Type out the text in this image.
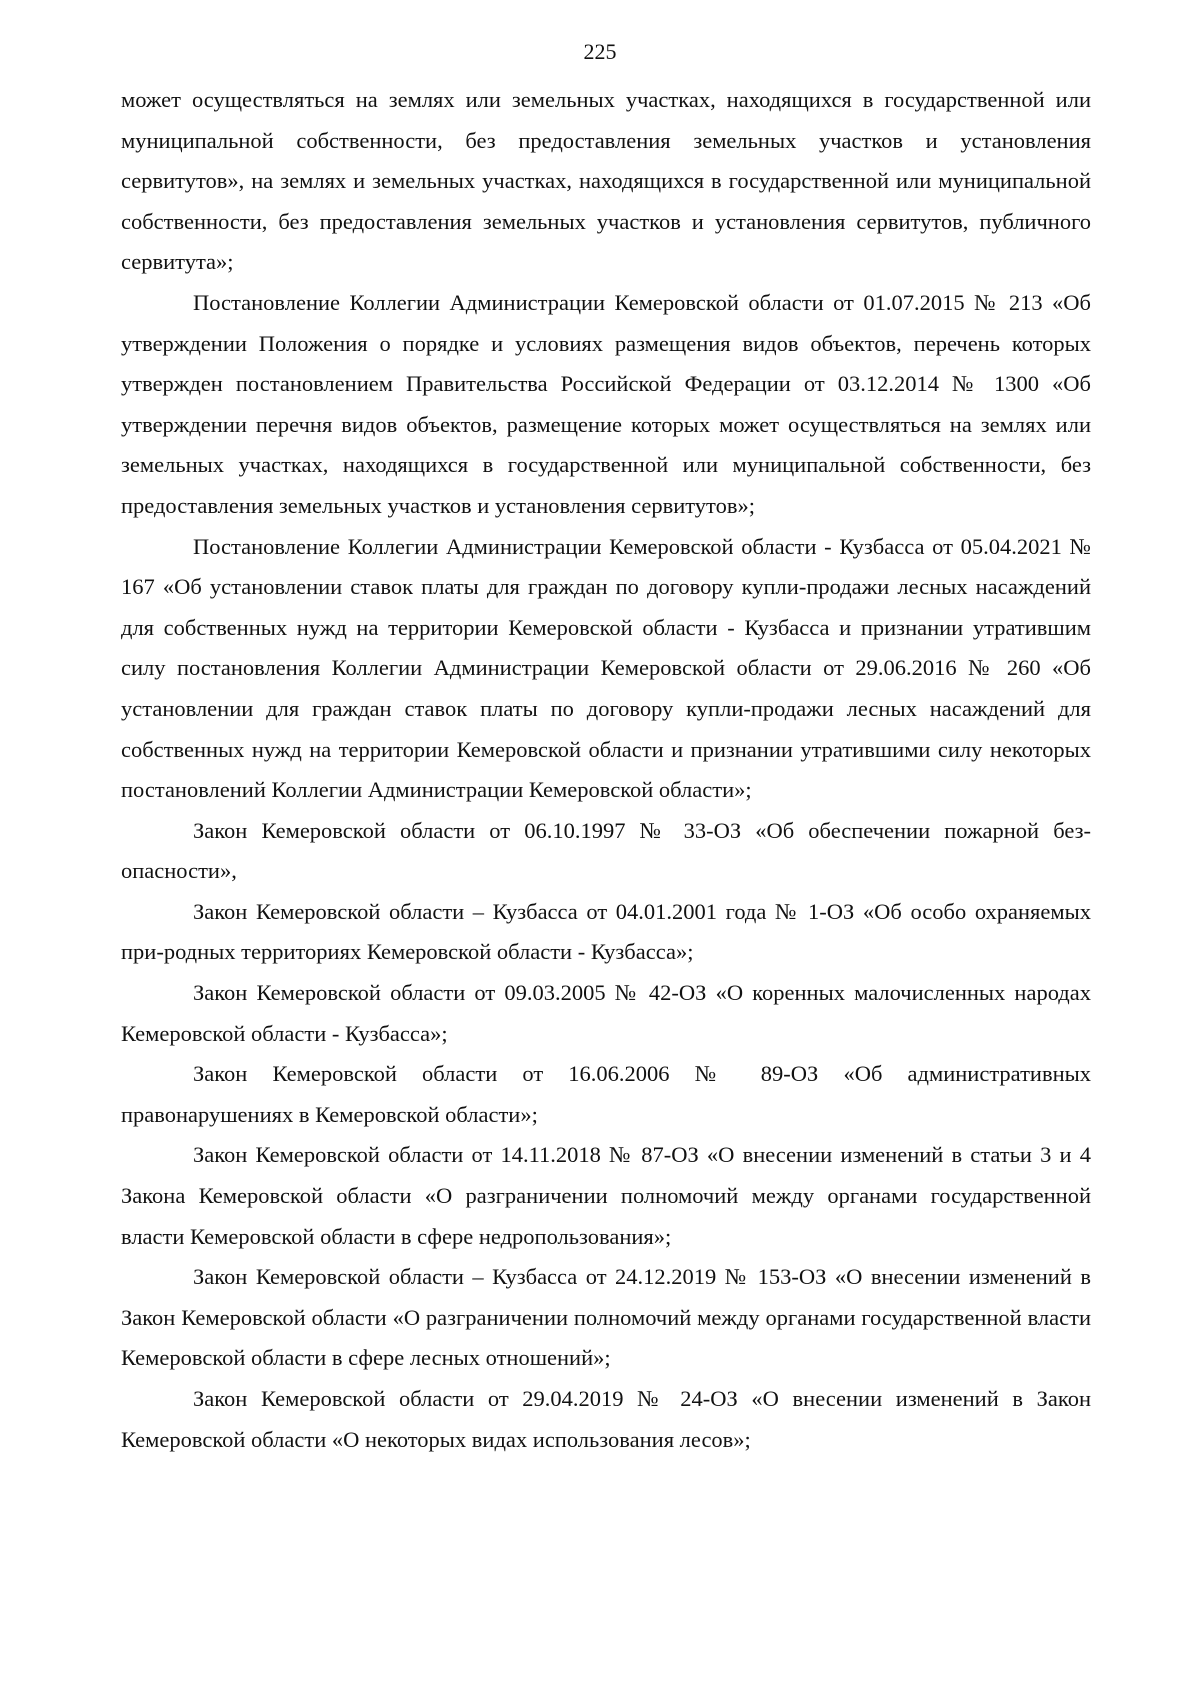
225

может осуществляться на землях или земельных участках, находящихся в государственной или муниципальной собственности, без предоставления земельных участков и установления сервитутов», на землях и земельных участках, находящихся в государственной или муниципальной собственности, без предоставления земельных участков и установления сервитутов, публичного сервитута»;

Постановление Коллегии Администрации Кемеровской области от 01.07.2015 № 213 «Об утверждении Положения о порядке и условиях размещения видов объектов, перечень которых утвержден постановлением Правительства Российской Федерации от 03.12.2014 № 1300 «Об утверждении перечня видов объектов, размещение которых может осуществляться на землях или земельных участках, находящихся в государственной или муниципальной собственности, без предоставления земельных участков и установления сервитутов»;

Постановление Коллегии Администрации Кемеровской области - Кузбасса от 05.04.2021 № 167 «Об установлении ставок платы для граждан по договору купли-продажи лесных насаждений для собственных нужд на территории Кемеровской области - Кузбасса и признании утратившим силу постановления Коллегии Администрации Кемеровской области от 29.06.2016 № 260 «Об установлении для граждан ставок платы по договору купли-продажи лесных насаждений для собственных нужд на территории Кемеровской области и признании утратившими силу некоторых постановлений Коллегии Администрации Кемеровской области»;

Закон Кемеровской области от 06.10.1997 № 33-ОЗ «Об обеспечении пожарной без-опасности»,

Закон Кемеровской области – Кузбасса от 04.01.2001 года № 1-ОЗ «Об особо охраняемых при-родных территориях Кемеровской области - Кузбасса»;

Закон Кемеровской области от 09.03.2005 № 42-ОЗ «О коренных малочисленных народах Кемеровской области - Кузбасса»;

Закон Кемеровской области от 16.06.2006 № 89-ОЗ «Об административных правонарушениях в Кемеровской области»;

Закон Кемеровской области от 14.11.2018 № 87-ОЗ «О внесении изменений в статьи 3 и 4 Закона Кемеровской области «О разграничении полномочий между органами государственной власти Кемеровской области в сфере недропользования»;

Закон Кемеровской области – Кузбасса от 24.12.2019 № 153-ОЗ «О внесении изменений в Закон Кемеровской области «О разграничении полномочий между органами государственной власти Кемеровской области в сфере лесных отношений»;

Закон Кемеровской области от 29.04.2019 № 24-ОЗ «О внесении изменений в Закон Кемеровской области «О некоторых видах использования лесов»;
